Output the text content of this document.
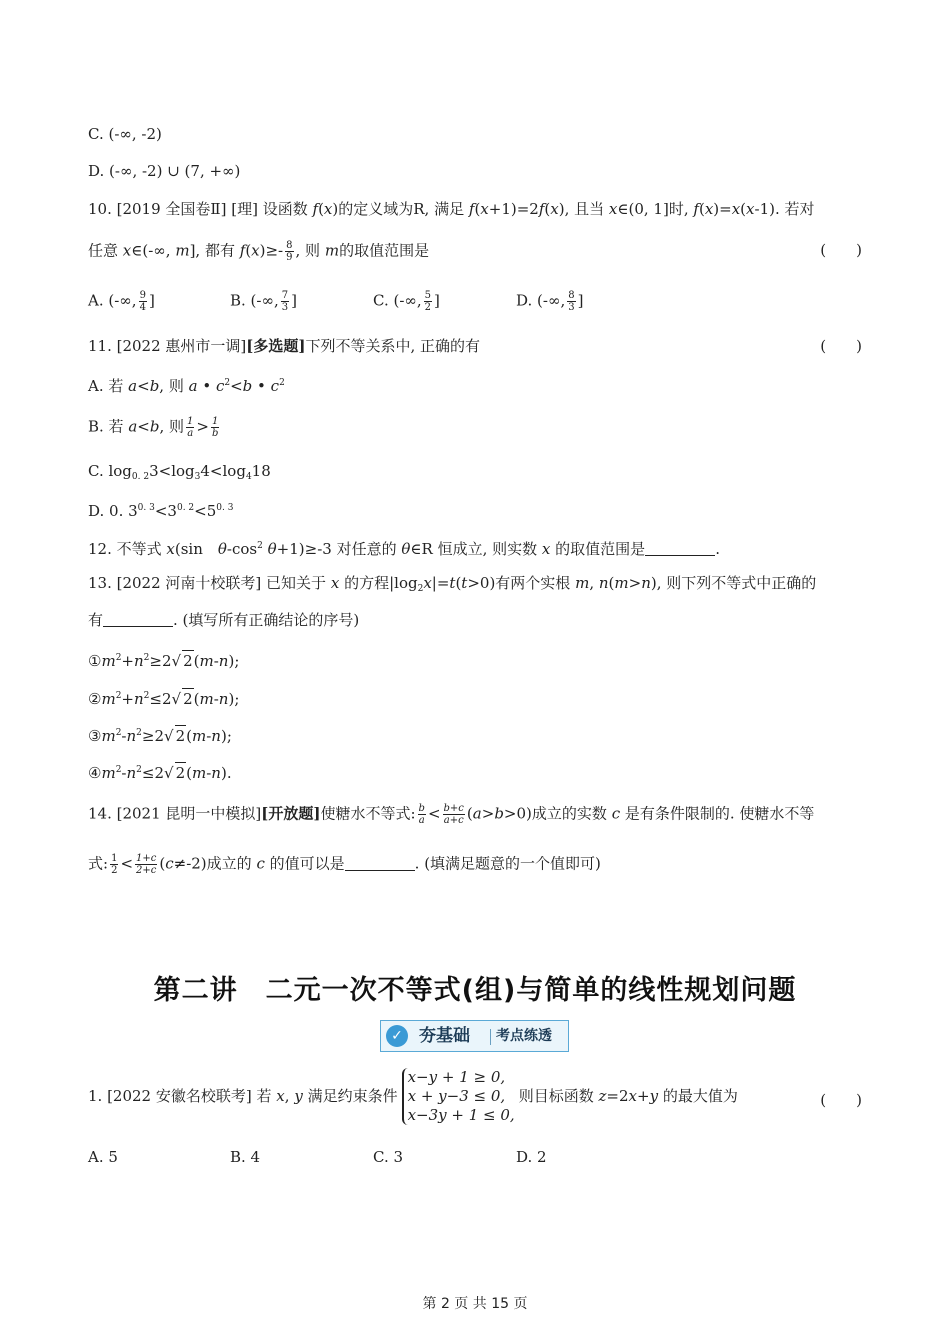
C. (-∞, -2)
D. (-∞, -2) ∪ (7, +∞)
10. [2019 全国卷Ⅱ] [理] 设函数 f(x)的定义域为R, 满足 f(x+1)=2f(x), 且当 x∈(0, 1]时, f(x)=x(x-1). 若对
任意 x∈(-∞, m], 都有 $f(x)\ge- \frac{8}{9}$ , 则 m的取值范围是	(　　)
A. (-∞, $\frac{9}{4}$ ]	B. (-∞, $\frac{7}{3}$ ]	C. (-∞, $\frac{5}{2}$ ]	D. (-∞, $\frac{8}{3}$ ]
11. [2022 惠州市一调][多选题]下列不等关系中, 正确的有	(　　)
A. 若 a<b, 则 a • $c^2<b$ • $c^2$
B. 若 a<b, 则 $\frac{1}{a} > \frac{1}{b}$
C. $\log_{0. 2}3<\log_34<\log_418$
D. 0. $3^{0. 3}<3^{0. 2}<5^{0. 3}$
12. 不等式 x(sin　$\theta-\cos^2$ θ+1)≥-3 对任意的 θ∈R 恒成立, 则实数 x 的取值范围是	.
13. [2022 河南十校联考] 已知关于 x 的方程$|\log_2x|=t(t>0)$有两个实根 m, n(m>n), 则下列不等式中正确的
有	. (填写所有正确结论的序号)
$①m^2+n^2\ge 2√$ 2(m-n);
$②m^2+n^2\le 2√$ 2(m-n);
$③m^2-n^2\ge 2√$ 2(m-n);
$④m^2-n^2\le 2√$ 2(m-n).
14. [2021 昆明一中模拟][开放题]使糖水不等式: $\frac{b}{a} < \frac{b+c}{a+c} (a>b>0)$成立的实数 c 是有条件限制的. 使糖水不等
式: $\frac{1}{2} < \frac{1+c}{2+c} (c\ne-2)$成立的 c 的值可以是	. (填满足题意的一个值即可)
第二讲　二元一次不等式(组)与简单的线性规划问题
✓ 夯基础 考点练透
1. [2022 安徽名校联考] 若 x, y 满足约束条件
x−y + 1 ≥ 0,
x + y−3 ≤ 0,
x−3y + 1 ≤ 0,
则目标函数 z=2x+y 的最大值为	(　　)
A. 5	B. 4	C. 3	D. 2
第 2 页 共 15 页
